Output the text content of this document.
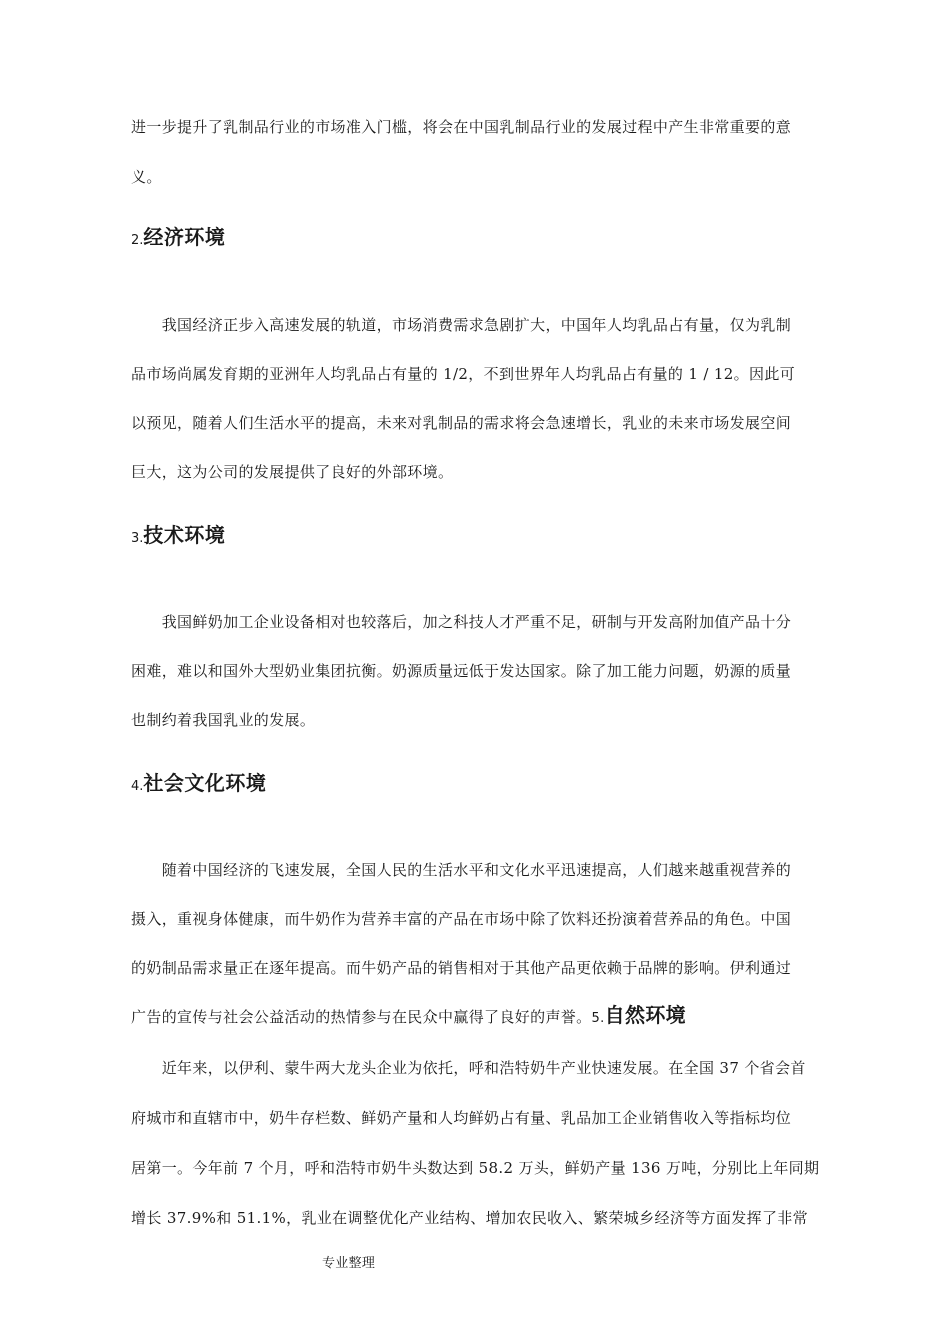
进一步提升了乳制品行业的市场准入门槛，将会在中国乳制品行业的发展过程中产生非常重要的意
义。
2.经济环境
　　我国经济正步入高速发展的轨道，市场消费需求急剧扩大，中国年人均乳品占有量，仅为乳制
品市场尚属发育期的亚洲年人均乳品占有量的 1/2，不到世界年人均乳品占有量的 1 / 12。因此可
以预见，随着人们生活水平的提高，未来对乳制品的需求将会急速增长，乳业的未来市场发展空间
巨大，这为公司的发展提供了良好的外部环境。
3.技术环境
　　我国鲜奶加工企业设备相对也较落后，加之科技人才严重不足，研制与开发高附加值产品十分
困难，难以和国外大型奶业集团抗衡。奶源质量远低于发达国家。除了加工能力问题，奶源的质量
也制约着我国乳业的发展。
4.社会文化环境
　　随着中国经济的飞速发展，全国人民的生活水平和文化水平迅速提高，人们越来越重视营养的
摄入，重视身体健康，而牛奶作为营养丰富的产品在市场中除了饮料还扮演着营养品的角色。中国
的奶制品需求量正在逐年提高。而牛奶产品的销售相对于其他产品更依赖于品牌的影响。伊利通过
广告的宣传与社会公益活动的热情参与在民众中赢得了良好的声誉。5.自然环境
　　近年来，以伊利、蒙牛两大龙头企业为依托，呼和浩特奶牛产业快速发展。在全国 37 个省会首
府城市和直辖市中，奶牛存栏数、鲜奶产量和人均鲜奶占有量、乳品加工企业销售收入等指标均位
居第一。今年前 7 个月，呼和浩特市奶牛头数达到 58.2 万头，鲜奶产量 136 万吨，分别比上年同期
增长 37.9%和 51.1%，乳业在调整优化产业结构、增加农民收入、繁荣城乡经济等方面发挥了非常
专业整理
